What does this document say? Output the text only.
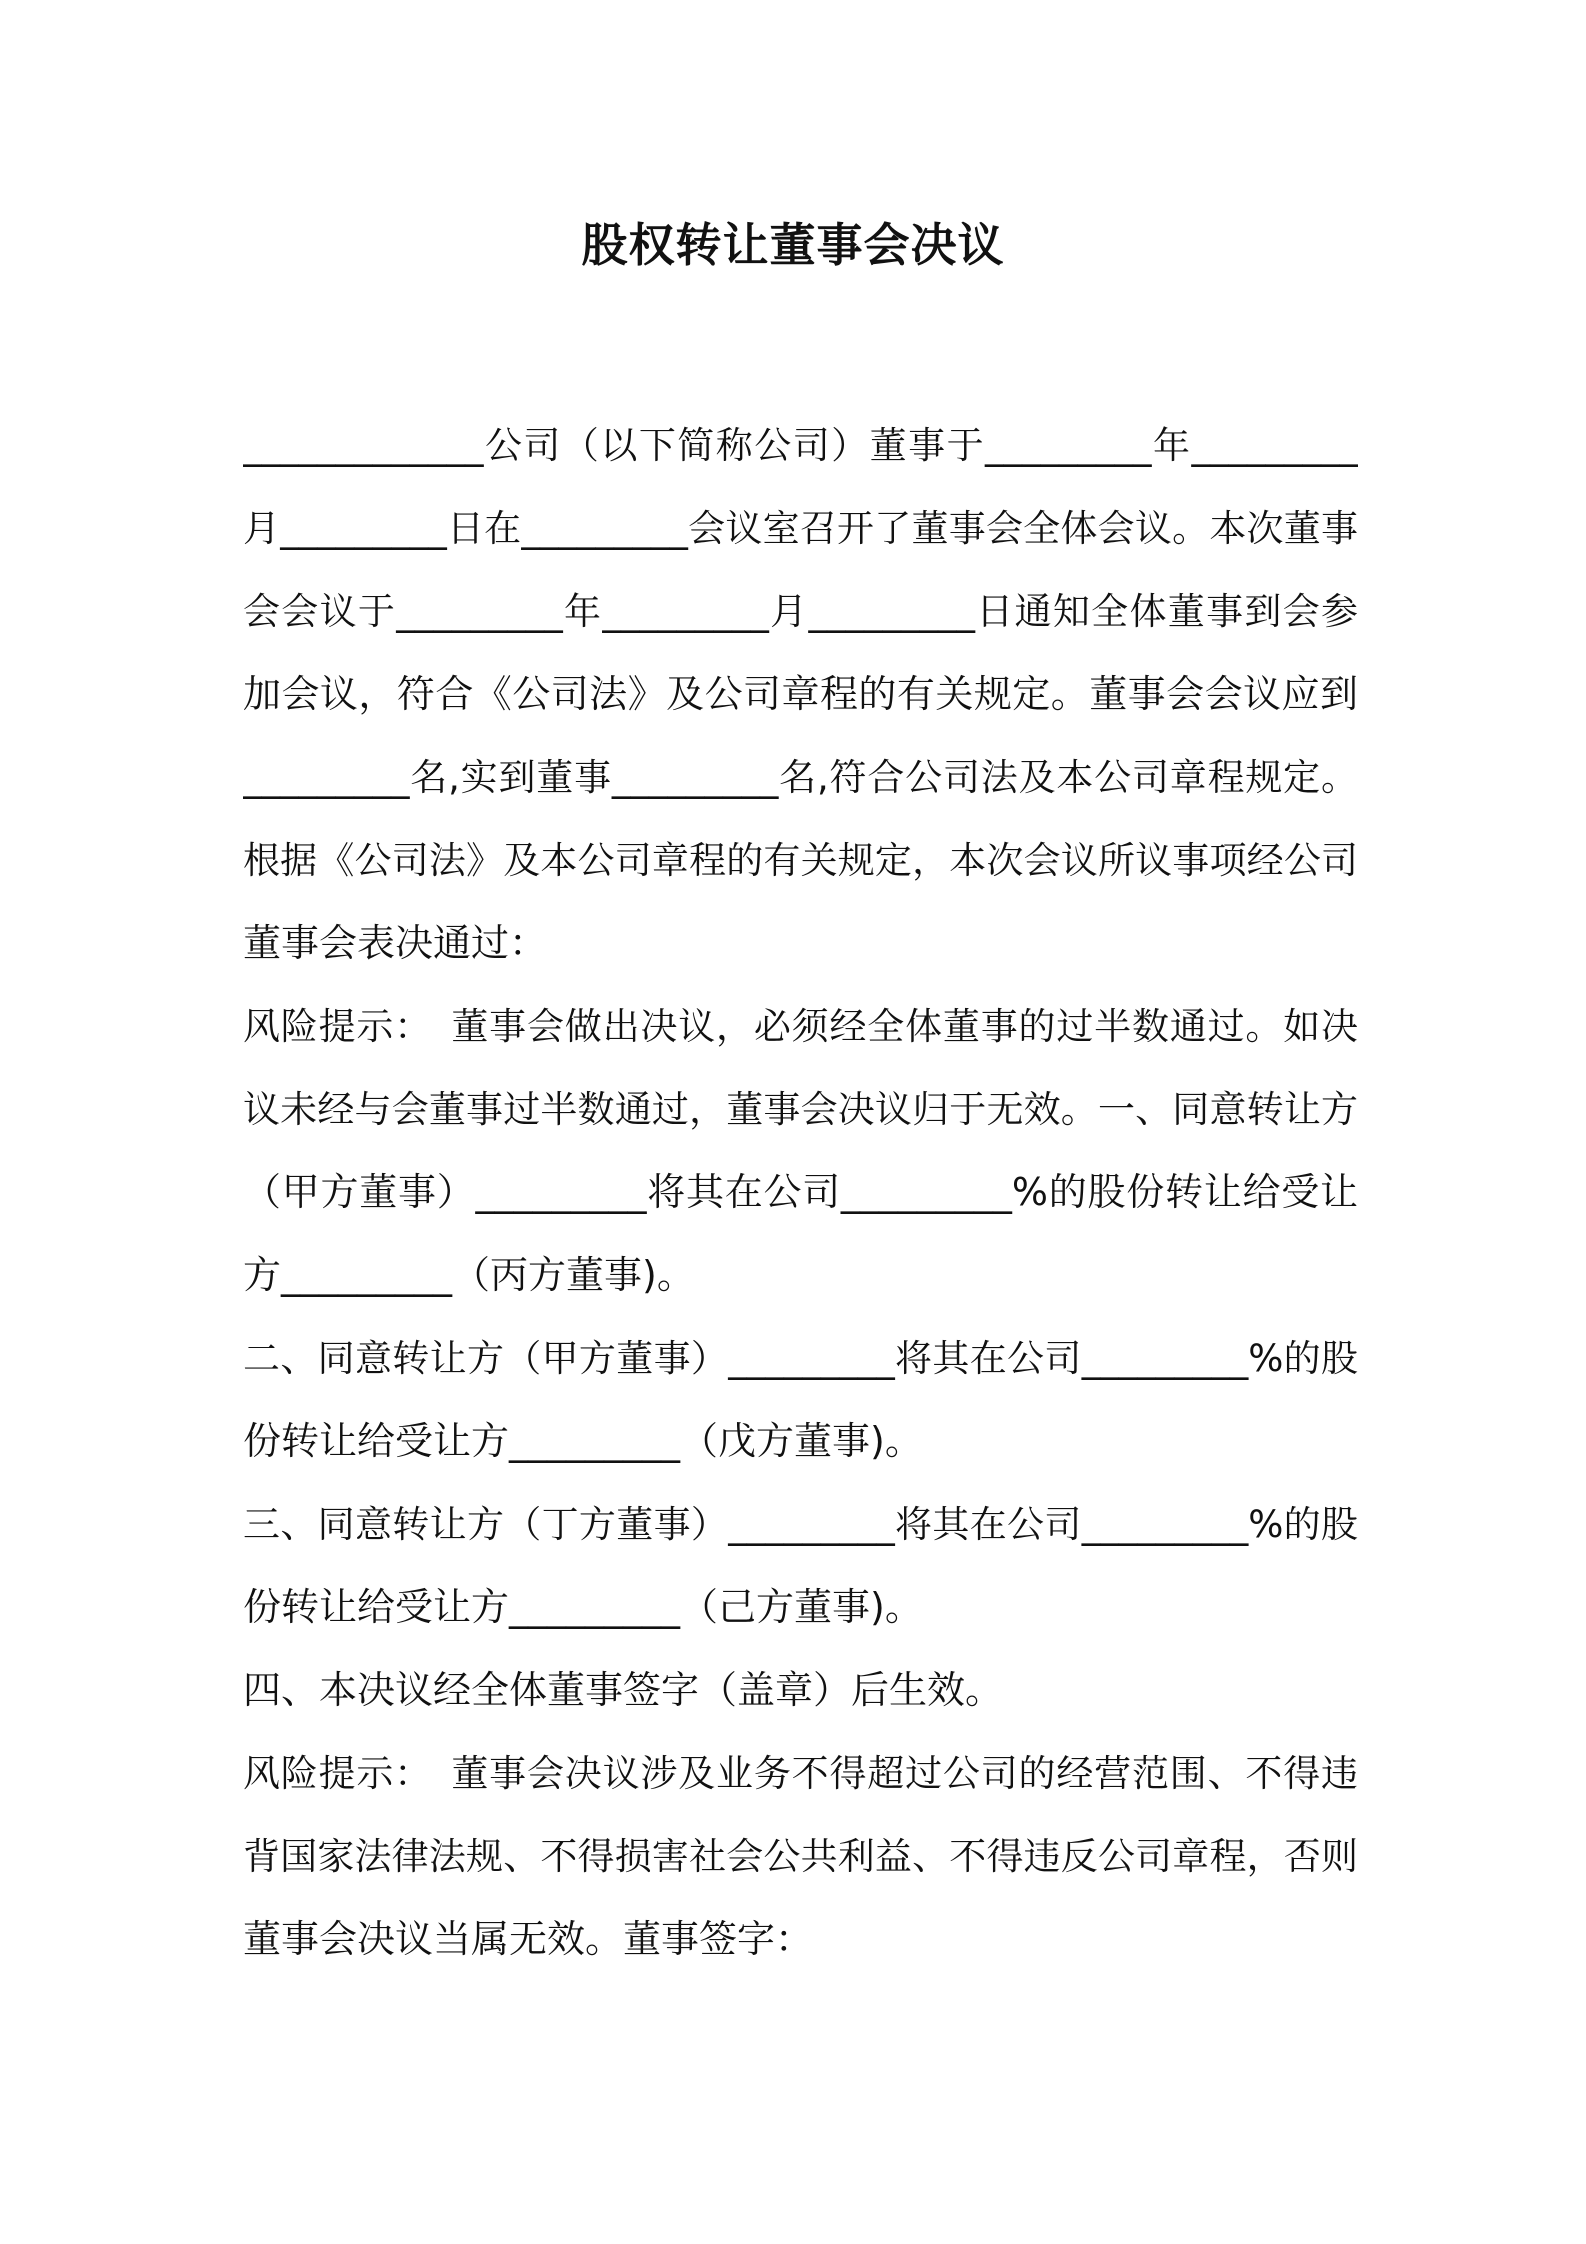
股权转让董事会决议
_____________公司（以下简称公司）董事于_________年_________
月_________日在_________会议室召开了董事会全体会议。本次董事
会会议于_________年_________月_________日通知全体董事到会参
加会议，符合《公司法》及公司章程的有关规定。董事会会议应到
_________名,实到董事_________名,符合公司法及本公司章程规定。
根据《公司法》及本公司章程的有关规定，本次会议所议事项经公司
董事会表决通过：
风险提示：　董事会做出决议，必须经全体董事的过半数通过。如决
议未经与会董事过半数通过，董事会决议归于无效。一、同意转让方
（甲方董事）_________将其在公司_________%的股份转让给受让
方_________（丙方董事)。
二、同意转让方（甲方董事）_________将其在公司_________%的股
份转让给受让方_________（戊方董事)。
三、同意转让方（丁方董事）_________将其在公司_________%的股
份转让给受让方_________（己方董事)。
四、本决议经全体董事签字（盖章）后生效。
风险提示：　董事会决议涉及业务不得超过公司的经营范围、不得违
背国家法律法规、不得损害社会公共利益、不得违反公司章程，否则
董事会决议当属无效。董事签字：
